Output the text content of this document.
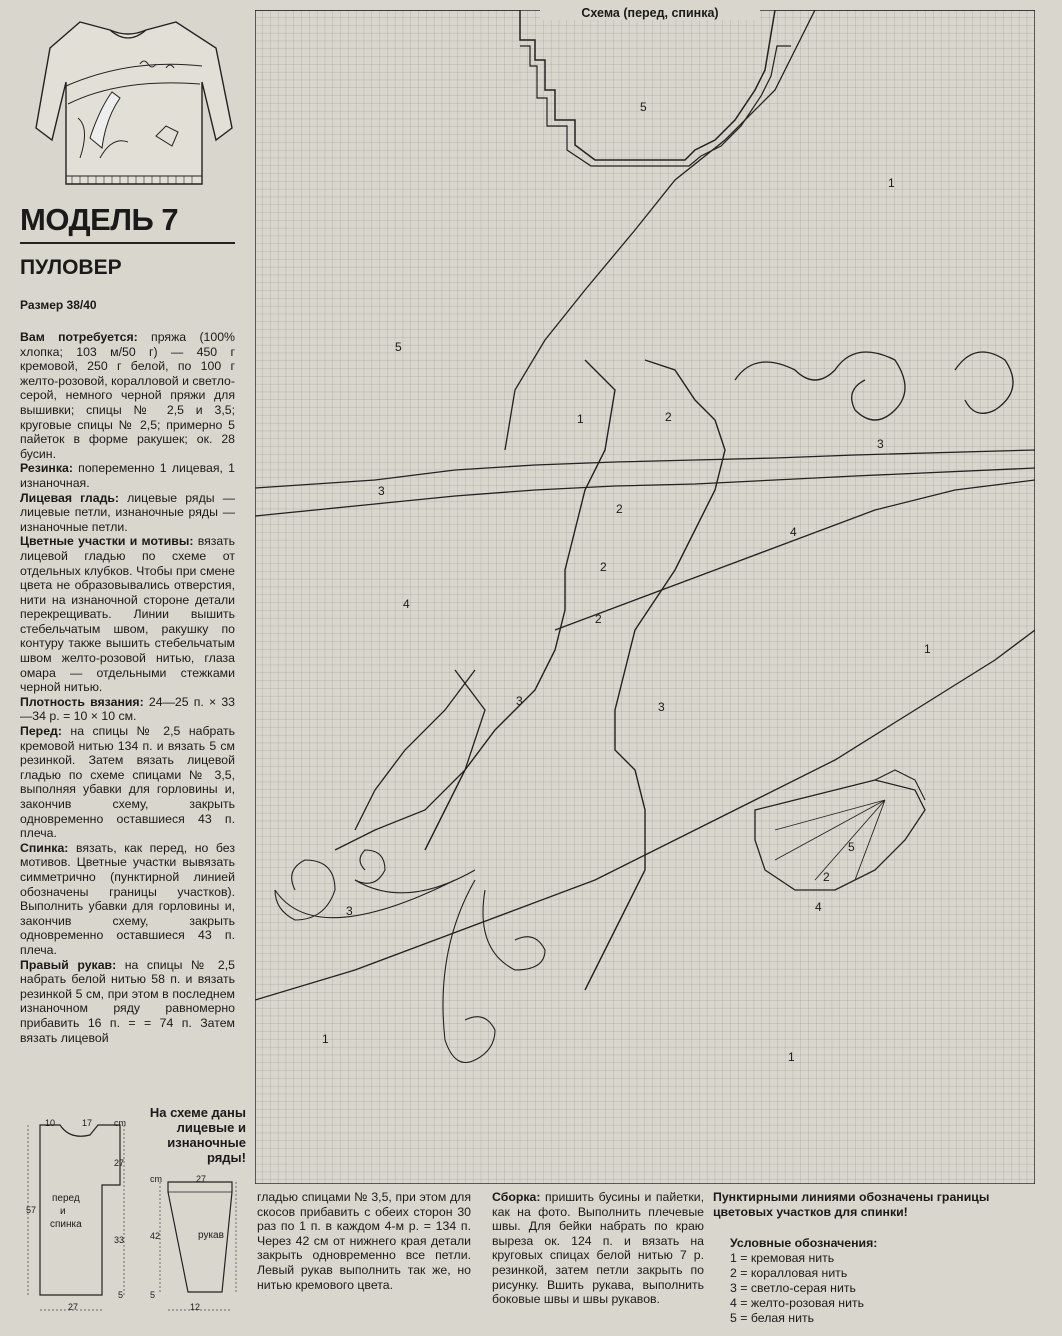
МОДЕЛЬ 7
ПУЛОВЕР
Размер 38/40

Вам потребуется: пряжа (100% хлопка; 103 м/50 г) — 450 г кремовой, 250 г белой, по 100 г желто-розовой, коралловой и светло-серой, немного черной пряжи для вышивки; спицы № 2,5 и 3,5; круговые спицы № 2,5; примерно 5 пайеток в форме ракушек; ок. 28 бусин.

Резинка: попеременно 1 лицевая, 1 изнаночная.

Лицевая гладь: лицевые ряды — лицевые петли, изнаночные ряды — изнаночные петли.

Цветные участки и мотивы: вязать лицевой гладью по схеме от отдельных клубков. Чтобы при смене цвета не образовывались отверстия, нити на изнаночной стороне детали перекрещивать. Линии вышить стебельчатым швом, ракушку по контуру также вышить стебельчатым швом желто-розовой нитью, глаза омара — отдельными стежками черной нитью.

Плотность вязания: 24—25 п. × 33—34 р. = 10 × 10 см.

Перед: на спицы № 2,5 набрать кремовой нитью 134 п. и вязать 5 см резинкой. Затем вязать лицевой гладью по схеме спицами № 3,5, выполняя убавки для горловины и, закончив схему, закрыть одновременно оставшиеся 43 п. плеча.

Спинка: вязать, как перед, но без мотивов. Цветные участки вывязать симметрично (пунктирной линией обозначены границы участков). Выполнить убавки для горловины и, закончив схему, закрыть одновременно оставшиеся 43 п. плеча.

Правый рукав: на спицы № 2,5 набрать белой нитью 58 п. и вязать резинкой 5 см, при этом в последнем изнаночном ряду равномерно прибавить 16 п. = = 74 п. Затем вязать лицевой

Схема (перед, спинка)
5
1
5
3
1	2
3
4
4
2
2
2
3	3
1
3
1
1
5
2
4
На схеме даны лицевые и изнаночные ряды!
перед
и
спинка
рукав
10	17 cm
27
57
33
27
5
27
cm
42
5
12
гладью спицами № 3,5, при этом для скосов прибавить с обеих сторон 30 раз по 1 п. в каждом 4-м р. = 134 п. Через 42 см от нижнего края детали закрыть одновременно все петли. Левый рукав выполнить так же, но нитью кремового цвета.
Сборка: пришить бусины и пайетки, как на фото. Выполнить плечевые швы. Для бейки набрать по краю выреза ок. 124 п. и вязать на круговых спицах белой нитью 7 р. резинкой, затем петли закрыть по рисунку. Вшить рукава, выполнить боковые швы и швы рукавов.
Пунктирными линиями обозначены границы цветовых участков для спинки!
Условные обозначения:
1 = кремовая нить
2 = коралловая нить
3 = светло-серая нить
4 = желто-розовая нить
5 = белая нить
